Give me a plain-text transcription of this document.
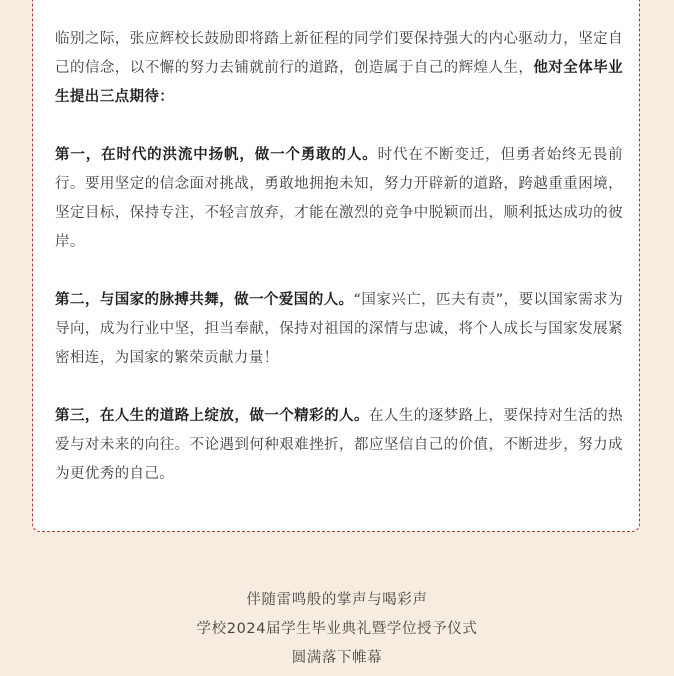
临别之际，张应辉校长鼓励即将踏上新征程的同学们要保持强大的内心驱动力，坚定自己的信念，以不懈的努力去铺就前行的道路，创造属于自己的辉煌人生，他对全体毕业生提出三点期待：

第一，在时代的洪流中扬帆，做一个勇敢的人。时代在不断变迁，但勇者始终无畏前行。要用坚定的信念面对挑战，勇敢地拥抱未知，努力开辟新的道路，跨越重重困境，坚定目标，保持专注，不轻言放弃，才能在激烈的竞争中脱颖而出，顺利抵达成功的彼岸。

第二，与国家的脉搏共舞，做一个爱国的人。“国家兴亡，匹夫有责”，要以国家需求为导向，成为行业中坚，担当奉献，保持对祖国的深情与忠诚，将个人成长与国家发展紧密相连，为国家的繁荣贡献力量！

第三，在人生的道路上绽放，做一个精彩的人。在人生的逐梦路上，要保持对生活的热爱与对未来的向往。不论遇到何种艰难挫折，都应坚信自己的价值，不断进步，努力成为更优秀的自己。

伴随雷鸣般的掌声与喝彩声
学校2024届学生毕业典礼暨学位授予仪式
圆满落下帷幕
